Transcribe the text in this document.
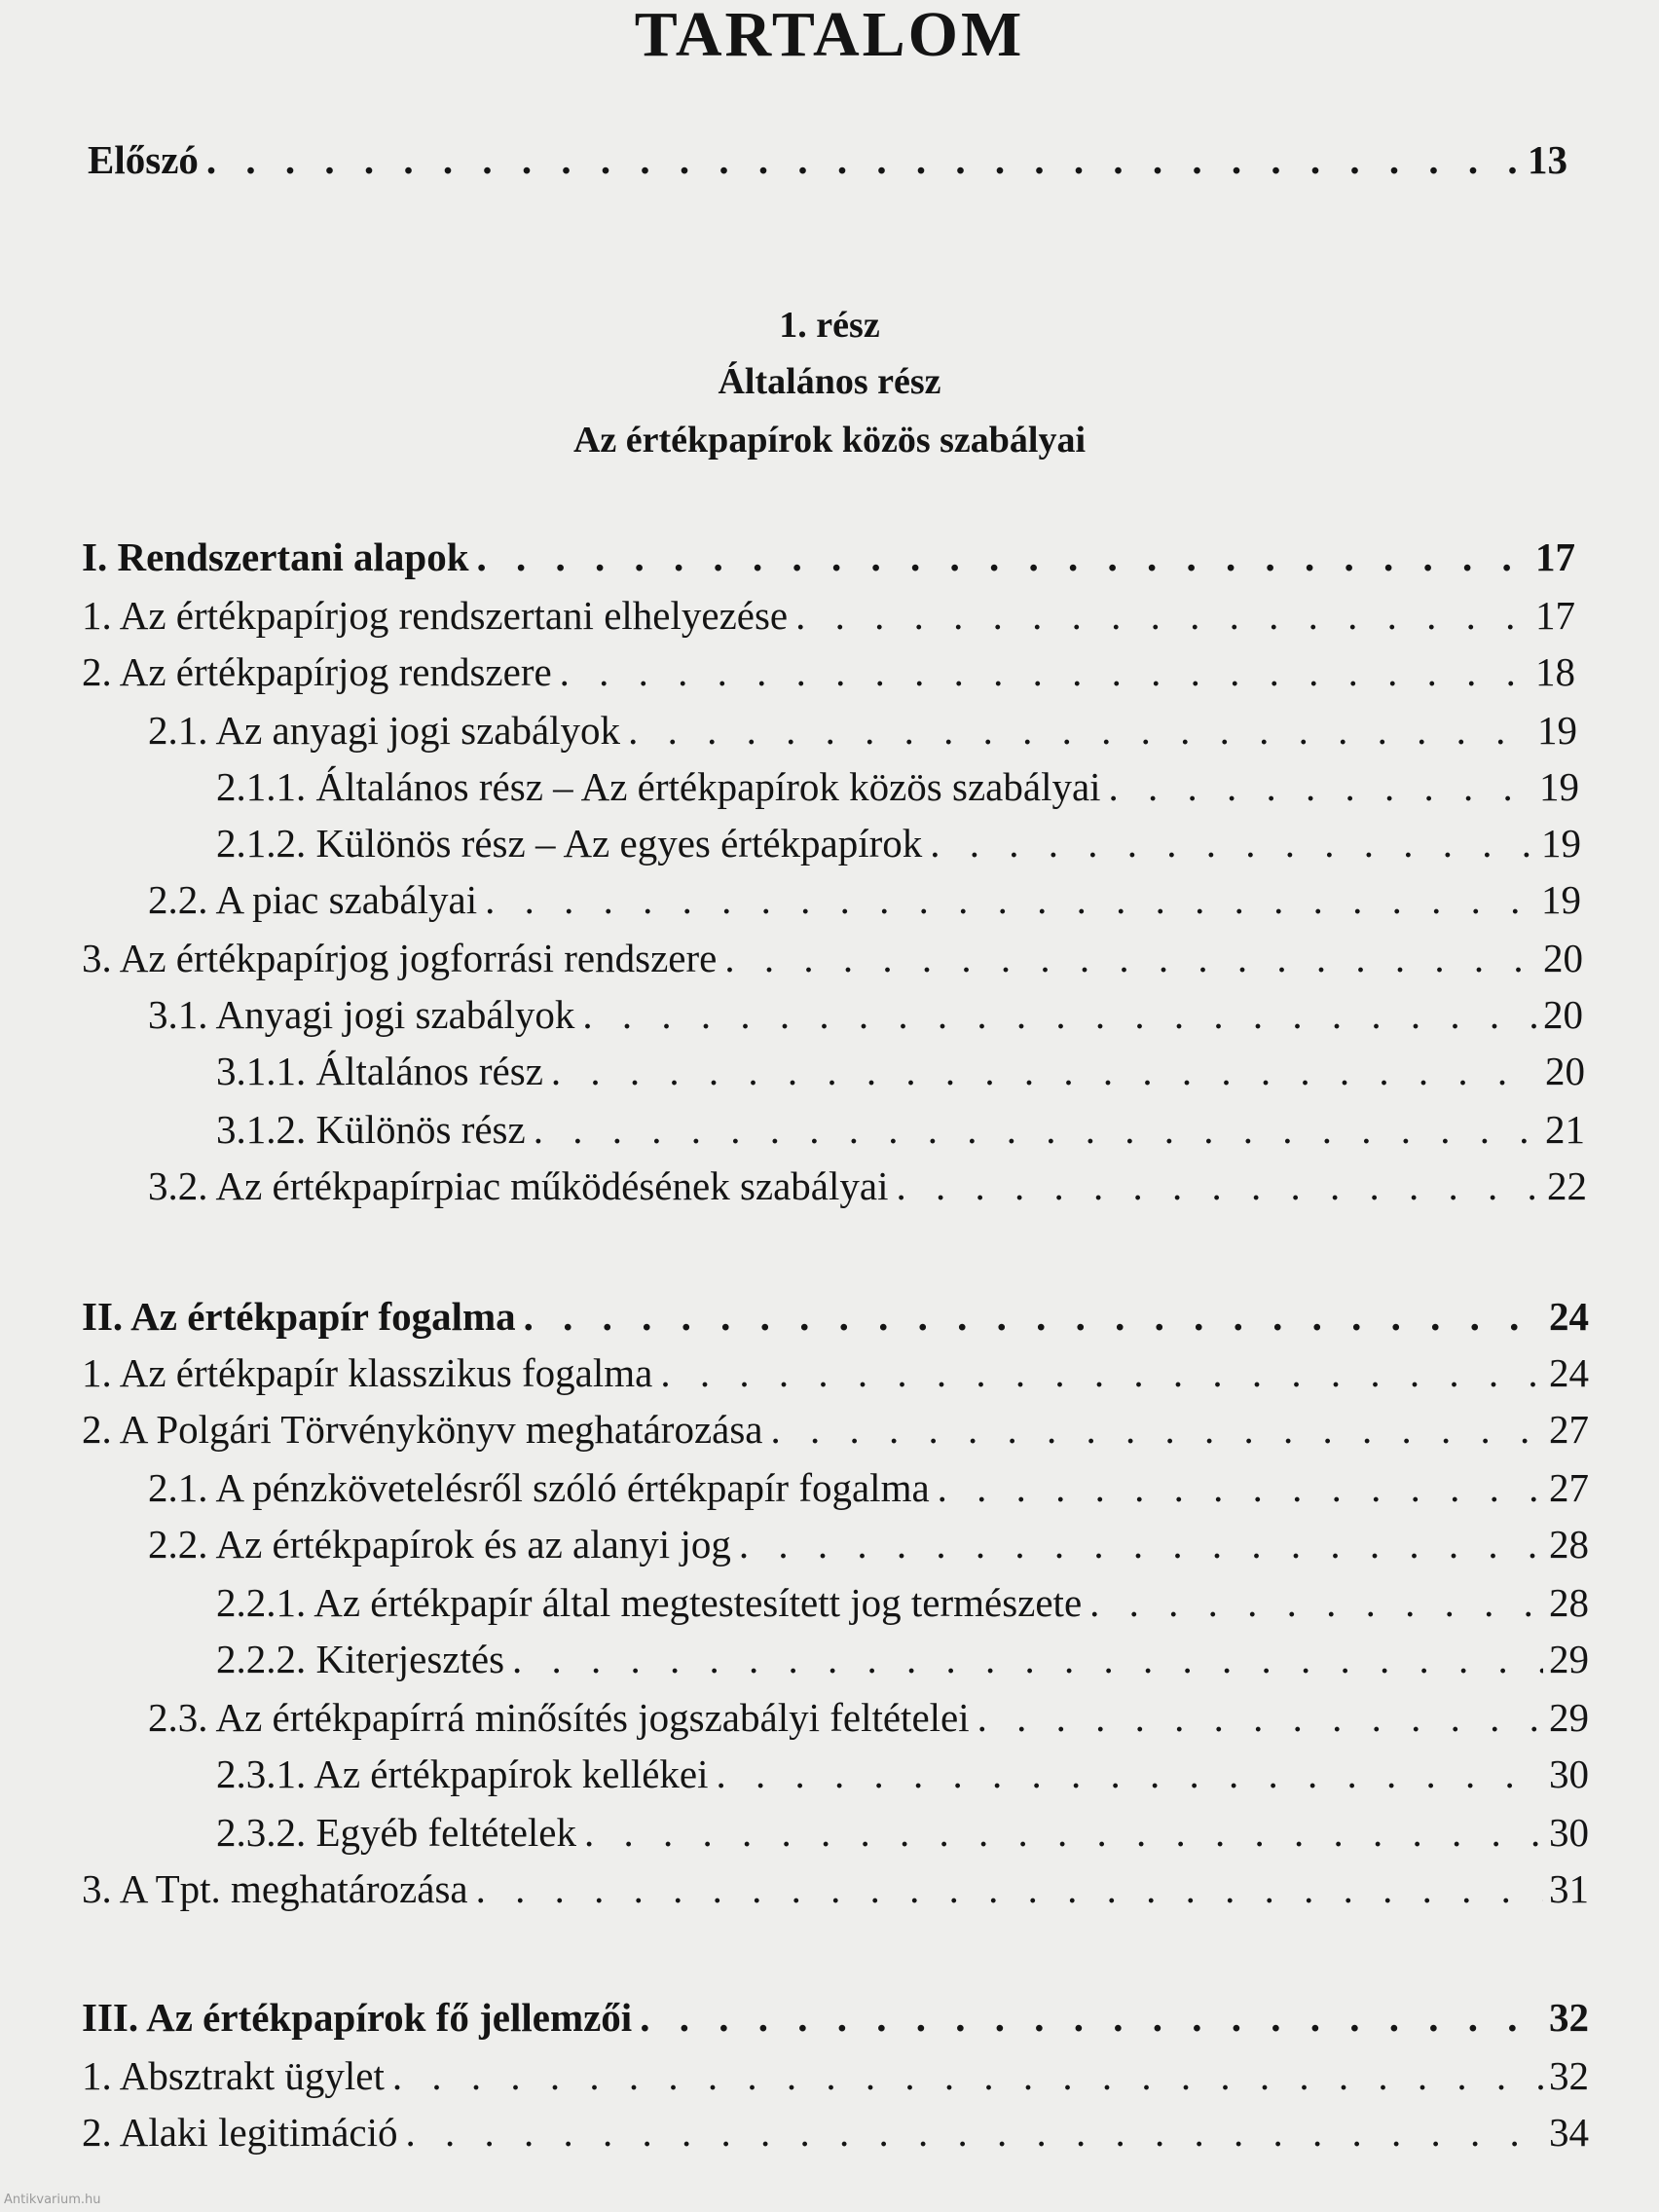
TARTALOM
1. rész
Általános rész
Az értékpapírok közös szabályai
Előszó . . .	13
I. Rendszertani alapok . . .	17
1. Az értékpapírjog rendszertani elhelyezése . . .	17
2. Az értékpapírjog rendszere . . .	18
2.1. Az anyagi jogi szabályok . . .	19
2.1.1. Általános rész – Az értékpapírok közös szabályai . . .	19
2.1.2. Különös rész – Az egyes értékpapírok . . .	19
2.2. A piac szabályai . . .	19
3. Az értékpapírjog jogforrási rendszere . . .	20
3.1. Anyagi jogi szabályok . . .	20
3.1.1. Általános rész . . .	20
3.1.2. Különös rész . . .	21
3.2. Az értékpapírpiac működésének szabályai . . .	22
II. Az értékpapír fogalma . . .	24
1. Az értékpapír klasszikus fogalma . . .	24
2. A Polgári Törvénykönyv meghatározása . . .	27
2.1. A pénzkövetelésről szóló értékpapír fogalma . . .	27
2.2. Az értékpapírok és az alanyi jog . . .	28
2.2.1. Az értékpapír által megtestesített jog természete . . .	28
2.2.2. Kiterjesztés . . .	29
2.3. Az értékpapírrá minősítés jogszabályi feltételei . . .	29
2.3.1. Az értékpapírok kellékei . . .	30
2.3.2. Egyéb feltételek . . .	30
3. A Tpt. meghatározása . . .	31
III. Az értékpapírok fő jellemzői . . .	32
1. Absztrakt ügylet . . .	32
2. Alaki legitimáció . . .	34
Antikvarium.hu
